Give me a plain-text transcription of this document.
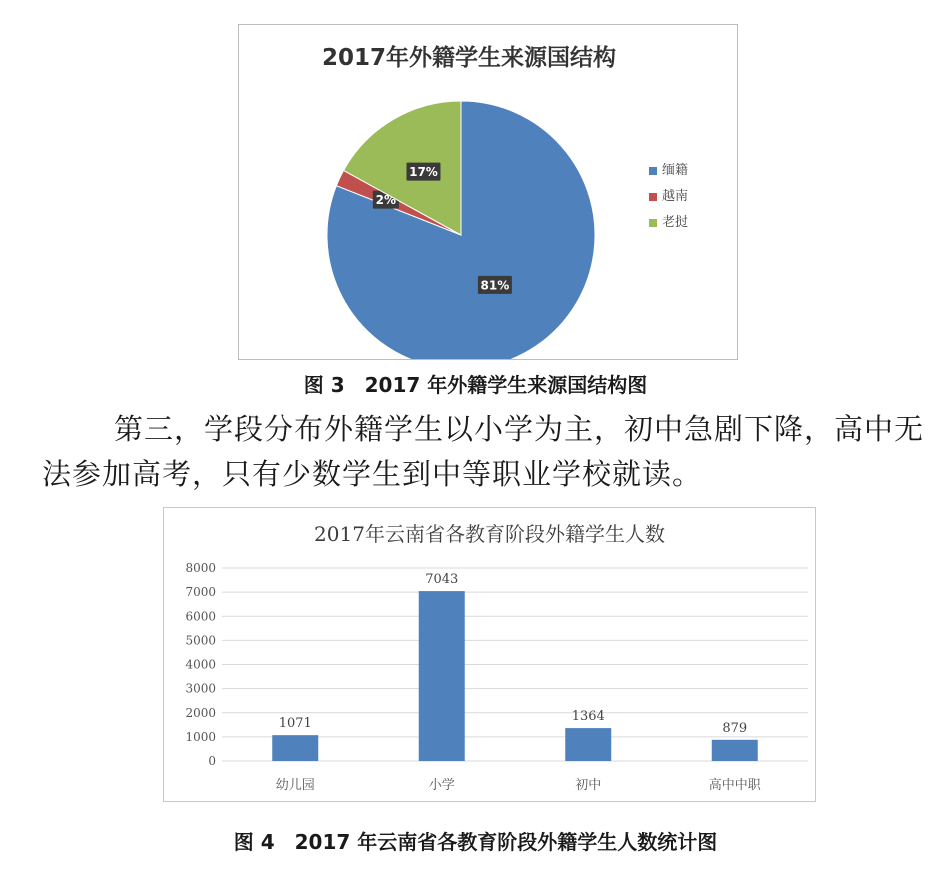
2017年外籍学生来源国结构
81%
2%
17%	缅籍
越南
老挝
图 3　2017 年外籍学生来源国结构图
第三，学段分布外籍学生以小学为主，初中急剧下降，高中无法参加高考，只有少数学生到中等职业学校就读。
2017年云南省各教育阶段外籍学生人数
0
1000
2000
3000
4000
5000
6000
7000
8000
1071
幼儿园
7043
小学
1364
初中
879
高中中职
图 4　2017 年云南省各教育阶段外籍学生人数统计图
